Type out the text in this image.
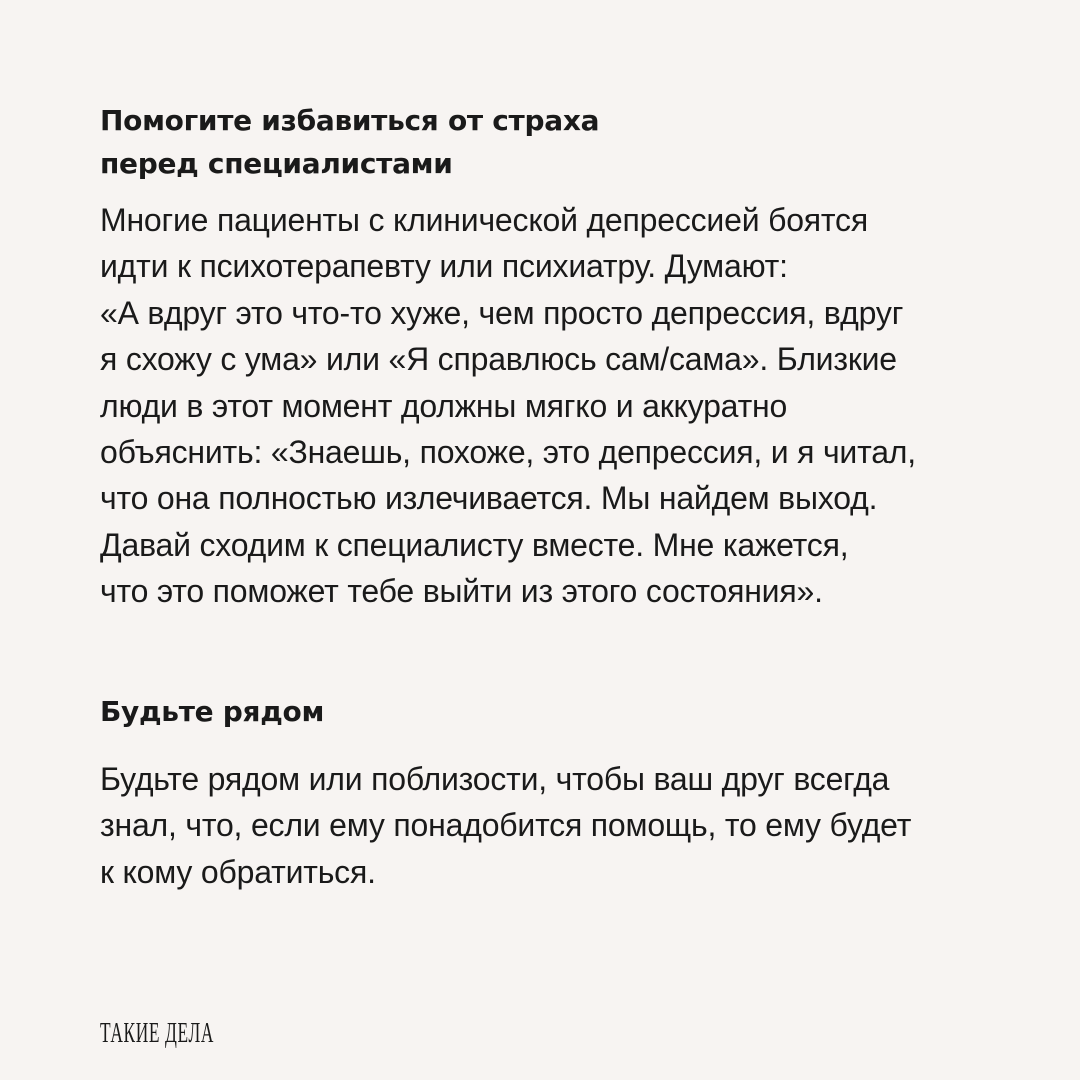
Помогите избавиться от страха
перед специалистами

Многие пациенты с клинической депрессией боятся
идти к психотерапевту или психиатру. Думают:
«А вдруг это что-то хуже, чем просто депрессия, вдруг
я схожу с ума» или «Я справлюсь сам/сама». Близкие
люди в этот момент должны мягко и аккуратно
объяснить: «Знаешь, похоже, это депрессия, и я читал,
что она полностью излечивается. Мы найдем выход.
Давай сходим к специалисту вместе. Мне кажется,
что это поможет тебе выйти из этого состояния».

Будьте рядом

Будьте рядом или поблизости, чтобы ваш друг всегда
знал, что, если ему понадобится помощь, то ему будет
к кому обратиться.

ТАКИЕ ДЕЛА
